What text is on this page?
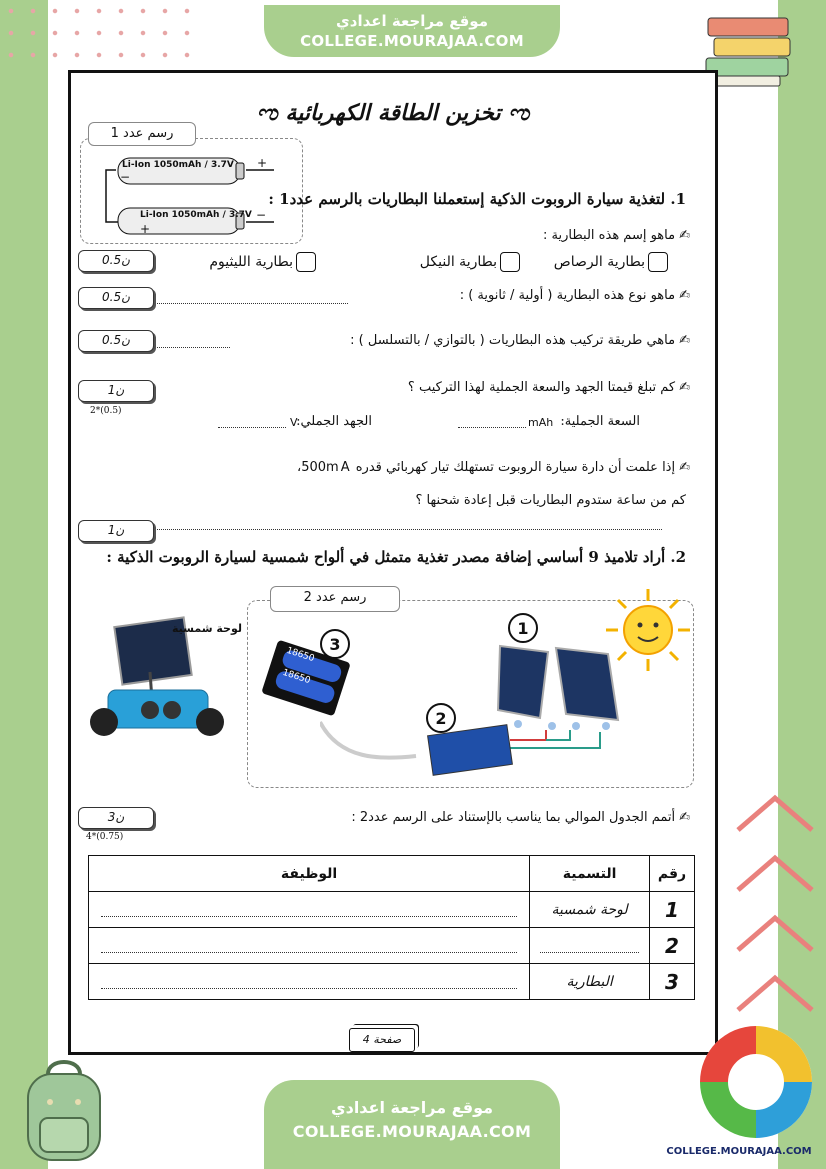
موقع مراجعة اعدادي
COLLEGE.MOURAJAA.COM
ಌ تخزين الطاقة الكهربائية ಌ
رسم عدد 1
Li-Ion 1050mAh / 3.7V
Li-Ion 1050mAh / 3.7V
+
−
+
−
1. لتغذية سيارة الروبوت الذكية إستعملنا البطاريات بالرسم عدد1 :
✍ماهو إسم هذه البطارية :
0.5ن	بطارية الرصاص
بطارية النيكل
بطارية الليثيوم
✍ماهو نوع هذه البطارية ( أولية / ثانوية ) :
0.5ن
✍ماهي طريقة تركيب هذه البطاريات ( بالتوازي / بالتسلسل ) :
0.5ن
✍كم تبلغ قيمتا الجهد والسعة الجملية لهذا التركيب ؟
1ن
2*(0.5)
السعة الجملية:
mAh
الجهد الجملي:
V
✍إذا علمت أن دارة سيارة الروبوت تستهلك تيار كهربائي قدره 500mA،
كم من ساعة ستدوم البطاريات قبل إعادة شحنها ؟
1ن
2. أراد تلاميذ 9 أساسي إضافة مصدر تغذية متمثل في ألواح شمسية لسيارة الروبوت الذكية :
رسم عدد 2
لوحة شمسية
18650
18650
1
2
3
✍أتمم الجدول الموالي بما يناسب بالإستناد على الرسم عدد2 :
3ن
4*(0.75)
الوظيفة	التسمية	رقم

	لوحة شمسية	1

	2

	البطارية	3
صفحة 4
موقع مراجعة اعدادي
COLLEGE.MOURAJAA.COM
COLLEGE.MOURAJAA.COM
